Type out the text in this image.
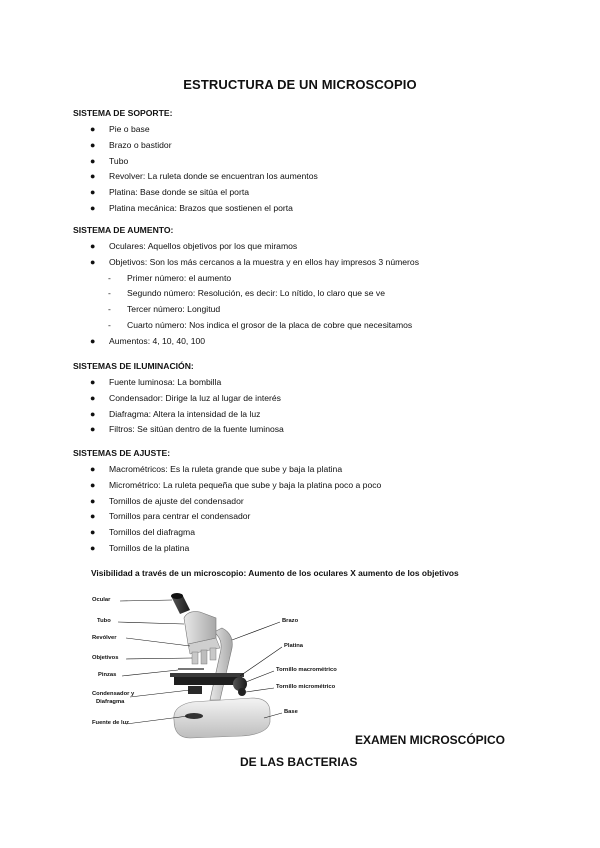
ESTRUCTURA DE UN MICROSCOPIO
SISTEMA DE SOPORTE:
● Pie o base
● Brazo o bastidor
● Tubo
● Revolver: La ruleta donde se encuentran los aumentos
● Platina: Base donde se sitúa el porta
● Platina mecánica: Brazos que sostienen el porta
SISTEMA DE AUMENTO:
● Oculares: Aquellos objetivos por los que miramos
● Objetivos: Son los más cercanos a la muestra y en ellos hay impresos 3 números
- Primer número: el aumento
- Segundo número: Resolución, es decir: Lo nítido, lo claro que se ve
- Tercer número: Longitud
- Cuarto número: Nos indica el grosor de la placa de cobre que necesitamos
● Aumentos: 4, 10, 40, 100
SISTEMAS DE ILUMINACIÓN:
● Fuente luminosa: La bombilla
● Condensador: Dirige la luz al lugar de interés
● Diafragma: Altera la intensidad de la luz
● Filtros: Se sitúan dentro de la fuente luminosa
SISTEMAS DE AJUSTE:
● Macrométricos: Es la ruleta grande que sube y baja la platina
● Micrométrico: La ruleta pequeña que sube y baja la platina poco a poco
● Tornillos de ajuste del condensador
● Tornillos para centrar el condensador
● Tornillos del diafragma
● Tornillos de la platina
Visibilidad a través de un microscopio: Aumento de los oculares X aumento de los objetivos
Ocular
Tubo
Revólver
Objetivos
Pinzas
Condensador y
Diafragma
Fuente de luz
Brazo
Platina
Tornillo macrométrico
Tornillo micrométrico
Base
EXAMEN MICROSCÓPICO
DE LAS BACTERIAS
